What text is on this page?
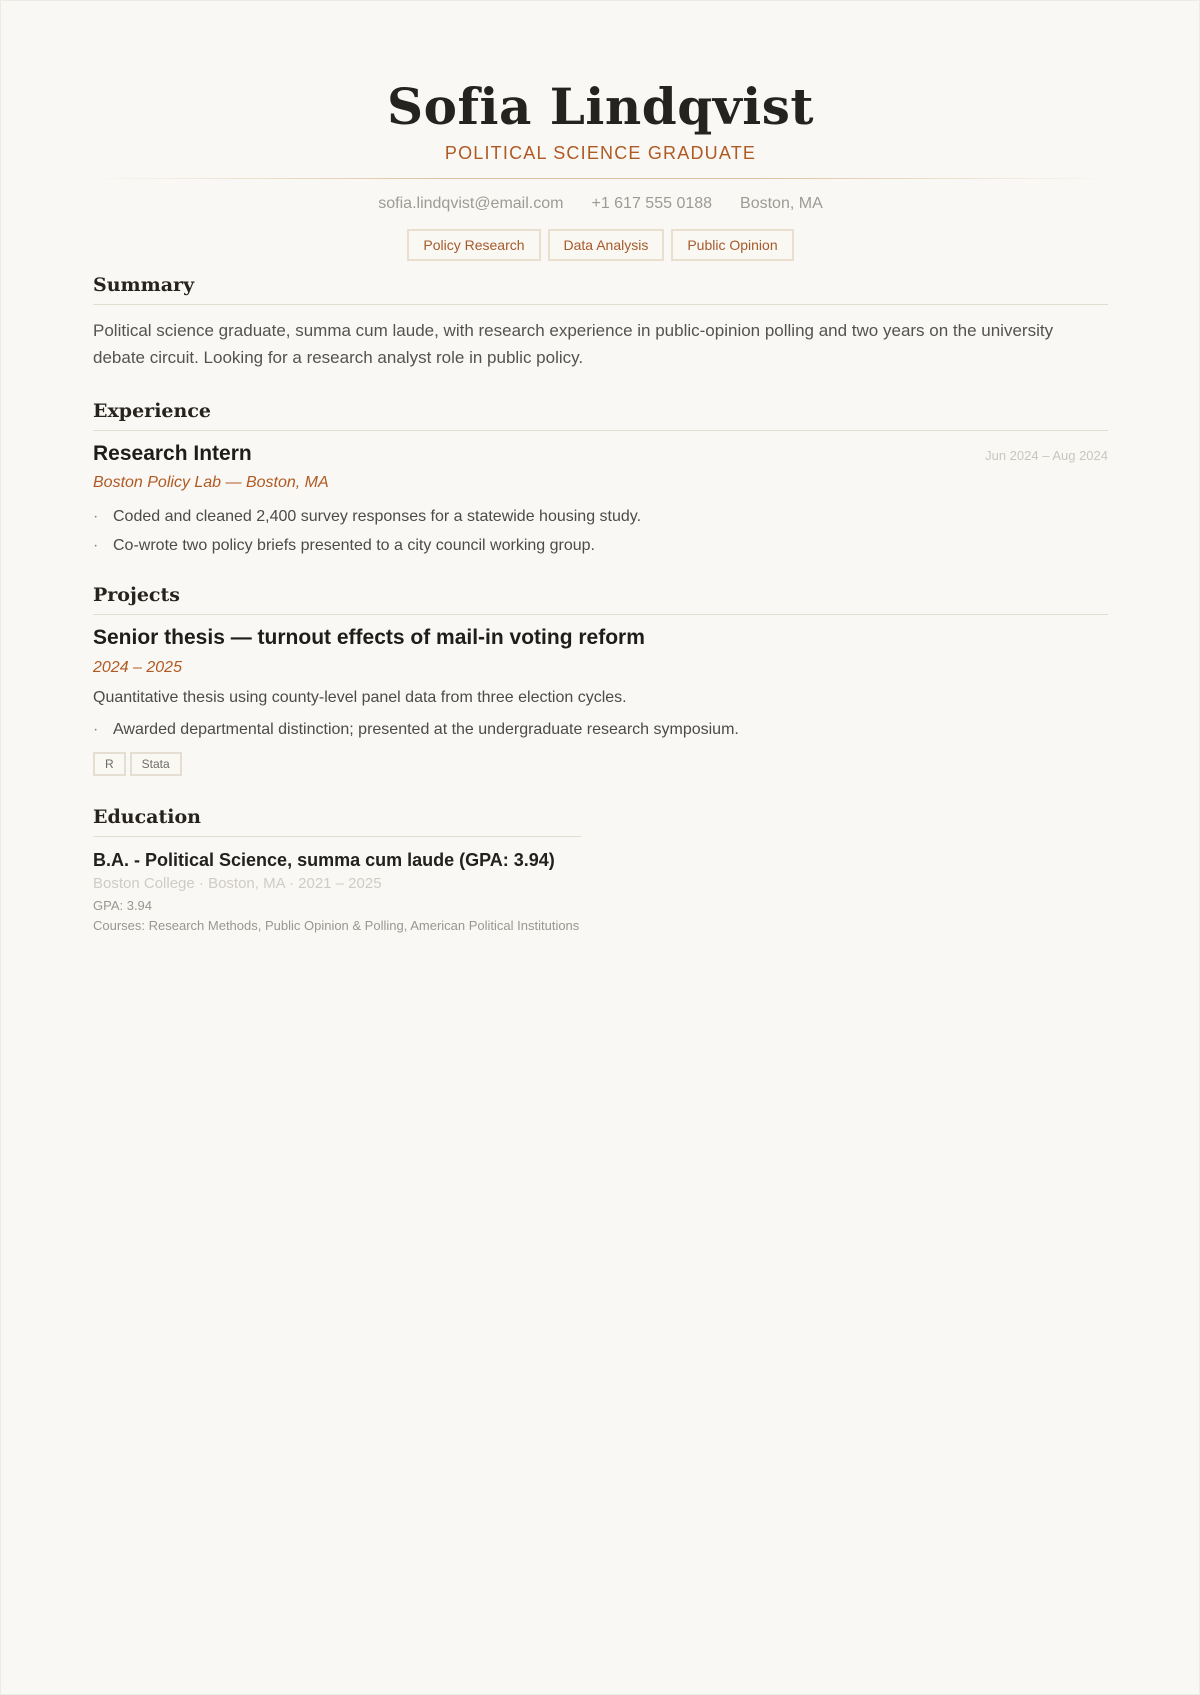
Sofia Lindqvist
POLITICAL SCIENCE GRADUATE
sofia.lindqvist@email.com +1 617 555 0188 Boston, MA
Policy Research	Data Analysis	Public Opinion
Summary

Political science graduate, summa cum laude, with research experience in public-opinion polling and two years on the university debate circuit. Looking for a research analyst role in public policy.

Experience
Research Intern	Jun 2024 – Aug 2024
Boston Policy Lab — Boston, MA
· Coded and cleaned 2,400 survey responses for a statewide housing study.
· Co-wrote two policy briefs presented to a city council working group.
Projects
Senior thesis — turnout effects of mail-in voting reform
2024 – 2025
Quantitative thesis using county-level panel data from three election cycles.
· Awarded departmental distinction; presented at the undergraduate research symposium.
R	Stata
Education
B.A. - Political Science, summa cum laude (GPA: 3.94)
Boston College · Boston, MA · 2021 – 2025
GPA: 3.94
Courses: Research Methods, Public Opinion & Polling, American Political Institutions
